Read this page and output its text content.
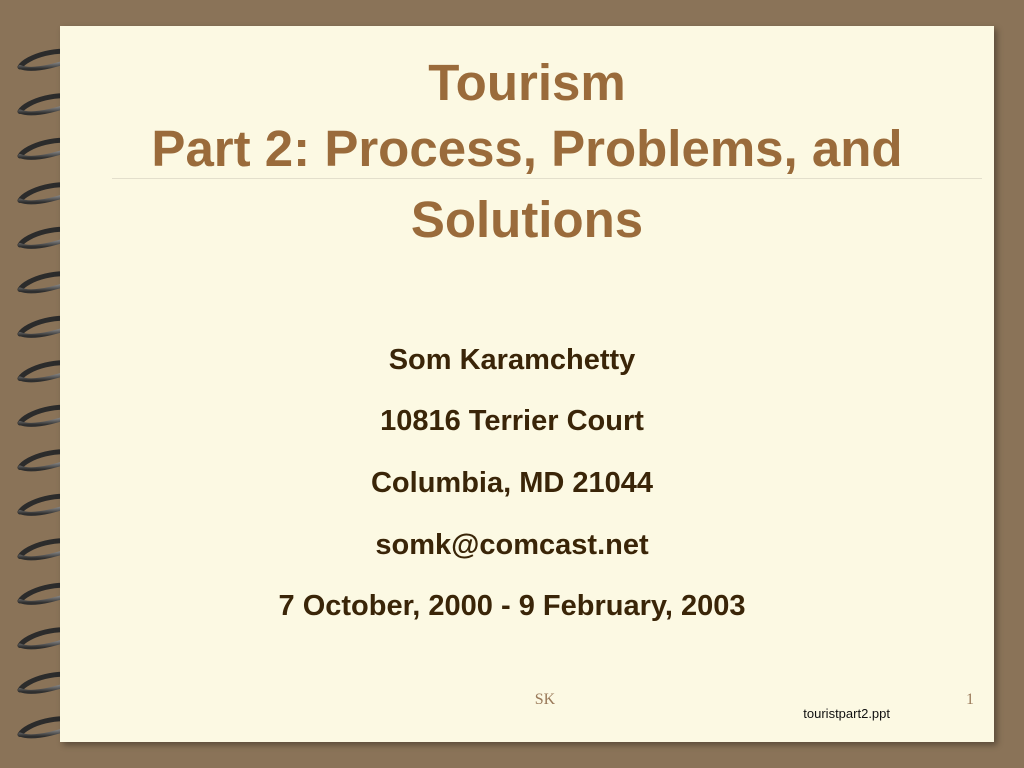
Tourism
Part 2: Process, Problems, and
Solutions
Som Karamchetty
10816 Terrier Court
Columbia, MD 21044
somk@comcast.net
7 October, 2000 - 9 February, 2003
SK
touristpart2.ppt
1
